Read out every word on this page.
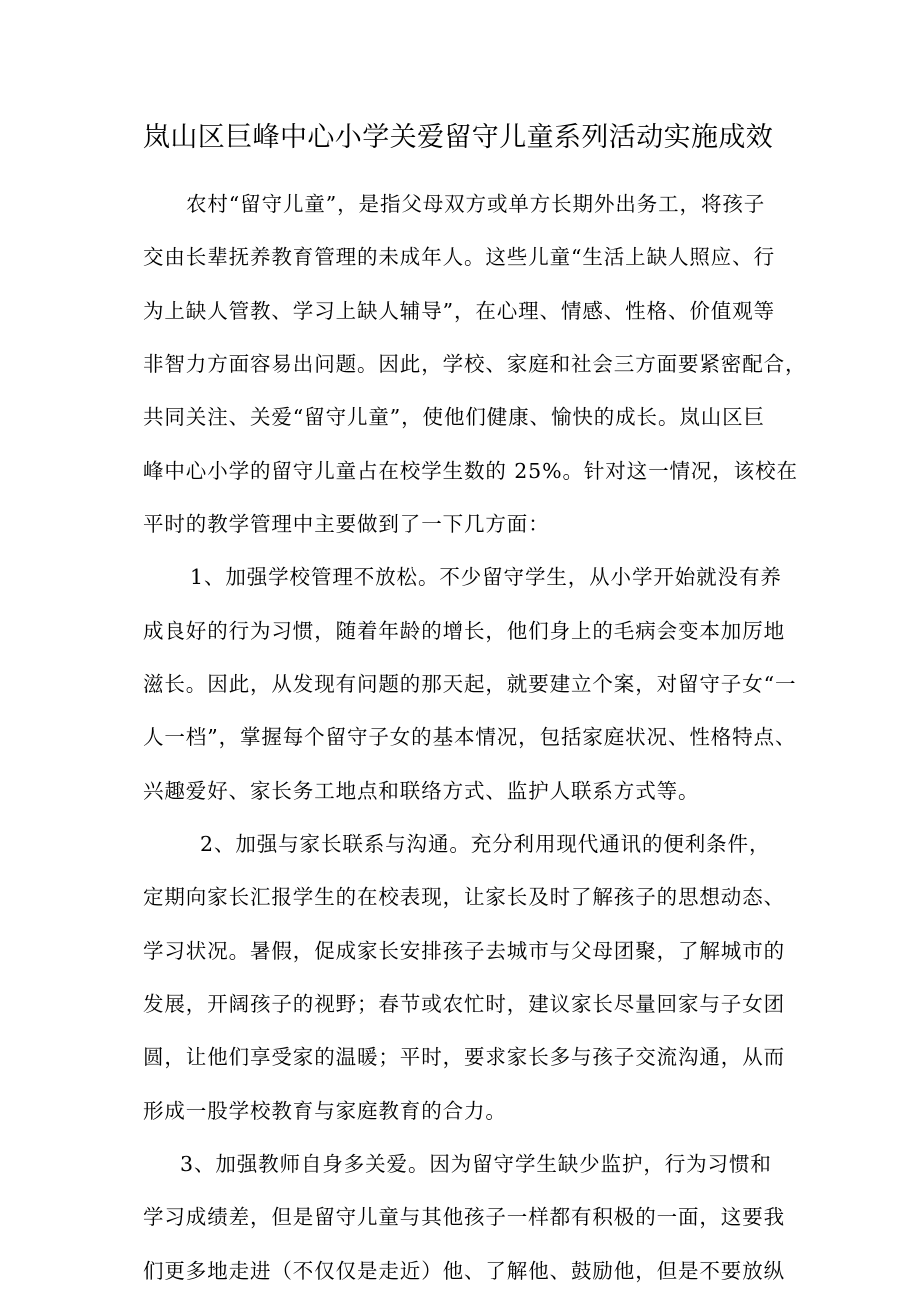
岚山区巨峰中心小学关爱留守儿童系列活动实施成效
农村“留守儿童”，是指父母双方或单方长期外出务工，将孩子
交由长辈抚养教育管理的未成年人。这些儿童“生活上缺人照应、行
为上缺人管教、学习上缺人辅导”，在心理、情感、性格、价值观等
非智力方面容易出问题。因此，学校、家庭和社会三方面要紧密配合，
共同关注、关爱“留守儿童”，使他们健康、愉快的成长。岚山区巨
峰中心小学的留守儿童占在校学生数的 25%。针对这一情况，该校在
平时的教学管理中主要做到了一下几方面：
1、加强学校管理不放松。不少留守学生，从小学开始就没有养
成良好的行为习惯，随着年龄的增长，他们身上的毛病会变本加厉地
滋长。因此，从发现有问题的那天起，就要建立个案，对留守子女“一
人一档”，掌握每个留守子女的基本情况，包括家庭状况、性格特点、
兴趣爱好、家长务工地点和联络方式、监护人联系方式等。
2、加强与家长联系与沟通。充分利用现代通讯的便利条件，
定期向家长汇报学生的在校表现，让家长及时了解孩子的思想动态、
学习状况。暑假，促成家长安排孩子去城市与父母团聚，了解城市的
发展，开阔孩子的视野；春节或农忙时，建议家长尽量回家与子女团
圆，让他们享受家的温暖；平时，要求家长多与孩子交流沟通，从而
形成一股学校教育与家庭教育的合力。
3、加强教师自身多关爱。因为留守学生缺少监护，行为习惯和
学习成绩差，但是留守儿童与其他孩子一样都有积极的一面，这要我
们更多地走进（不仅仅是走近）他、了解他、鼓励他，但是不要放纵
